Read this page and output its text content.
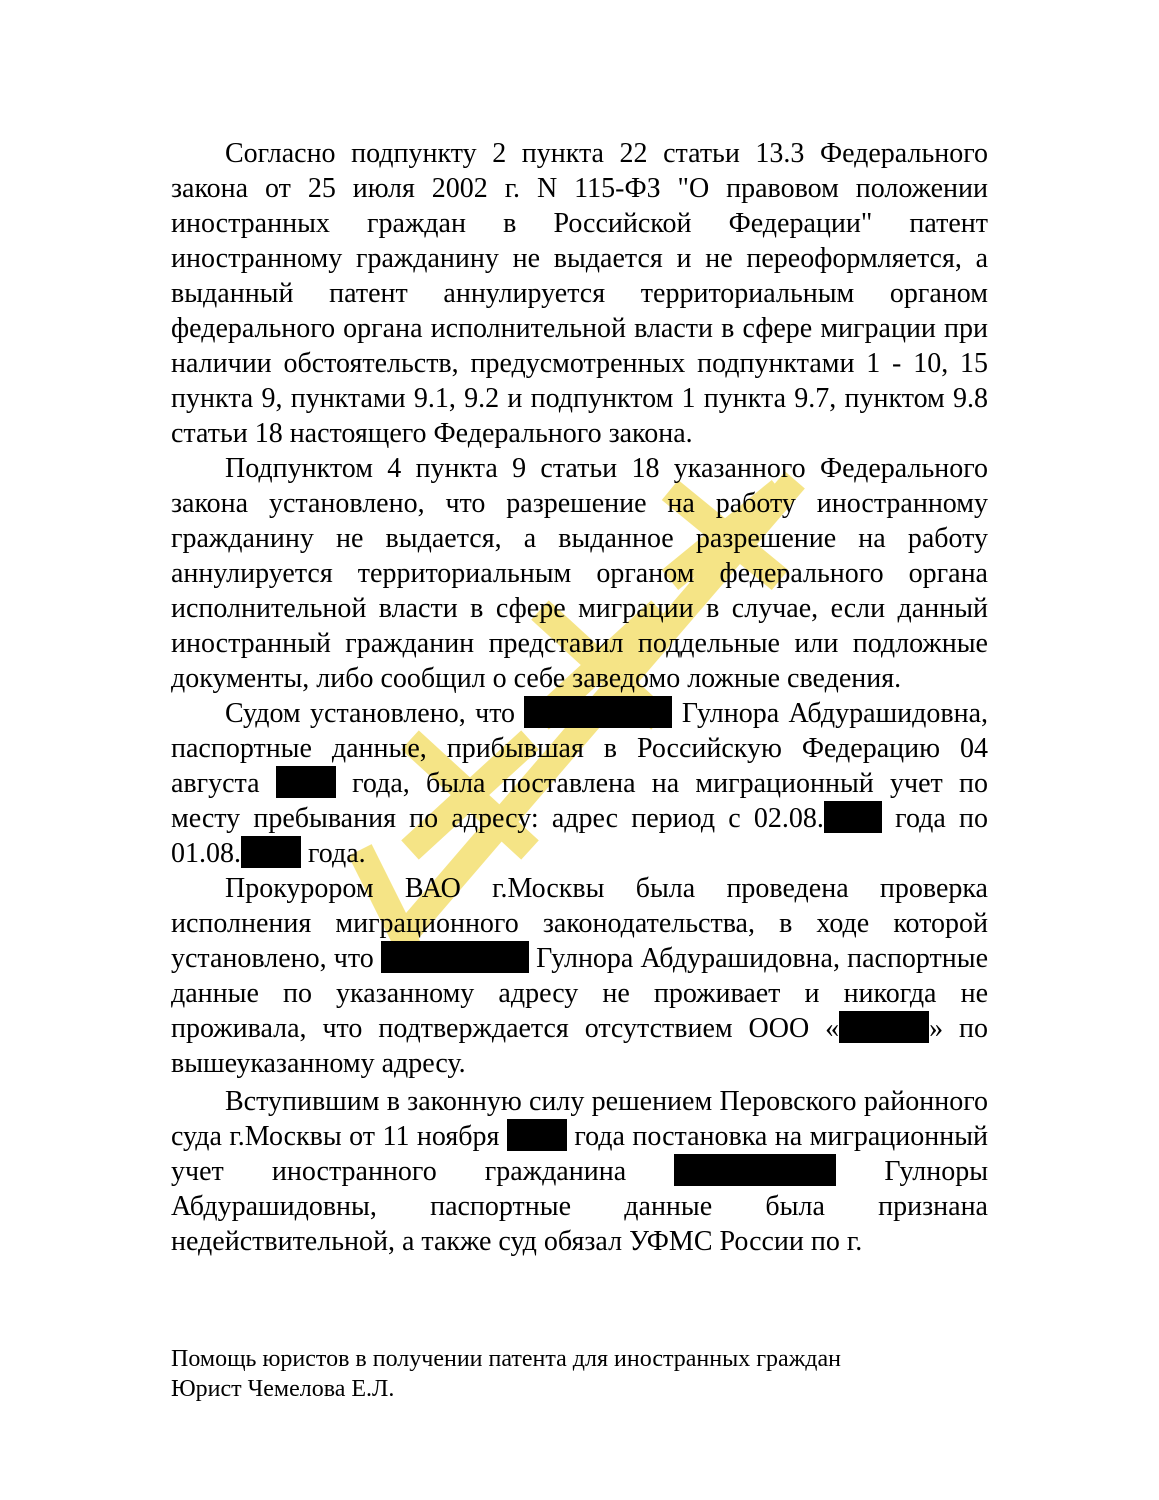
Согласно подпункту 2 пункта 22 статьи 13.3 Федерального закона от 25 июля 2002 г. N 115-ФЗ "О правовом положении иностранных граждан в Российской Федерации" патент иностранному гражданину не выдается и не переоформляется, а выданный патент аннулируется территориальным органом федерального органа исполнительной власти в сфере миграции при наличии обстоятельств, предусмотренных подпунктами 1 - 10, 15 пункта 9, пунктами 9.1, 9.2 и подпунктом 1 пункта 9.7, пунктом 9.8 статьи 18 настоящего Федерального закона.

Подпунктом 4 пункта 9 статьи 18 указанного Федерального закона установлено, что разрешение на работу иностранному гражданину не выдается, а выданное разрешение на работу аннулируется территориальным органом федерального органа исполнительной власти в сфере миграции в случае, если данный иностранный гражданин представил поддельные или подложные документы, либо сообщил о себе заведомо ложные сведения.

Судом установлено, что	Гулнора Абдурашидовна, паспортные данные, прибывшая в Российскую Федерацию 04 августа	года, была поставлена на миграционный учет по месту пребывания по адресу: адрес период с 02.08.	года по 01.08. года.

Прокурором ВАО г.Москвы была проведена проверка исполнения миграционного законодательства, в ходе которой установлено, что	Гулнора Абдурашидовна, паспортные данные по указанному адресу не проживает и никогда не проживала, что подтверждается отсутствием ООО «	» по вышеуказанному адресу.

Вступившим в законную силу решением Перовского районного суда г.Москвы от 11 ноября	года постановка на миграционный учет иностранного гражданина	Гулноры Абдурашидовны, паспортные данные была признана недействительной, а также суд обязал УФМС России по г.

Помощь юристов в получении патента для иностранных граждан
Юрист Чемелова Е.Л.
